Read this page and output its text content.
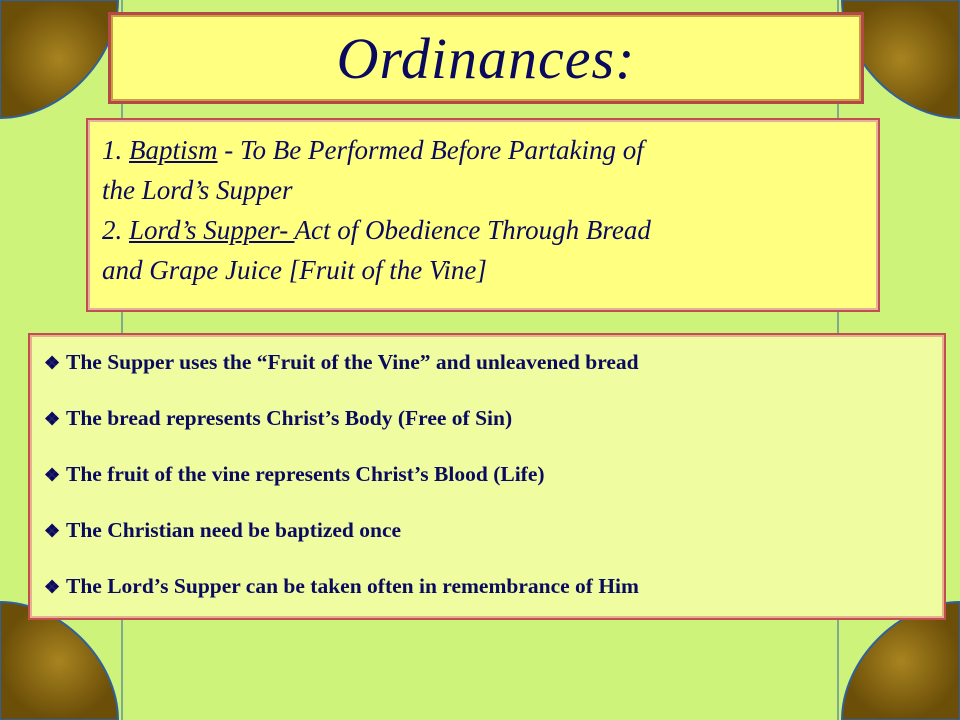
Ordinances:
1. Baptism - To Be Performed Before Partaking of
the Lord’s Supper
2. Lord’s Supper- Act of Obedience Through Bread
and Grape Juice [Fruit of the Vine]
❖ The Supper uses the “Fruit of the Vine” and unleavened bread
❖ The bread represents Christ’s Body (Free of Sin)
❖ The fruit of the vine represents Christ’s Blood (Life)
❖ The Christian need be baptized once
❖ The Lord’s Supper can be taken often in remembrance of Him
